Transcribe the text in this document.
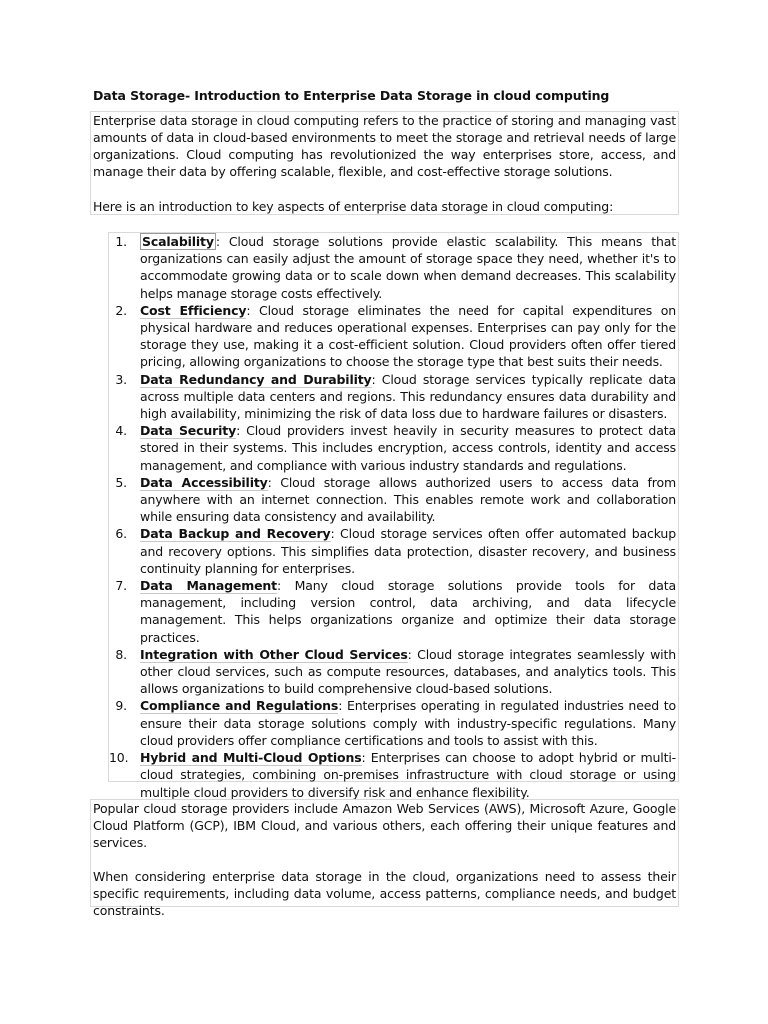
Data Storage- Introduction to Enterprise Data Storage in cloud computing

Enterprise data storage in cloud computing refers to the practice of storing and managing vast amounts of data in cloud-based environments to meet the storage and retrieval needs of large organizations. Cloud computing has revolutionized the way enterprises store, access, and manage their data by offering scalable, flexible, and cost-effective storage solutions.

Here is an introduction to key aspects of enterprise data storage in cloud computing:

1. Scalability : Cloud storage solutions provide elastic scalability. This means that organizations can easily adjust the amount of storage space they need, whether it's to accommodate growing data or to scale down when demand decreases. This scalability helps manage storage costs effectively.
2. Cost Efficiency: Cloud storage eliminates the need for capital expenditures on physical hardware and reduces operational expenses. Enterprises can pay only for the storage they use, making it a cost-efficient solution. Cloud providers often offer tiered pricing, allowing organizations to choose the storage type that best suits their needs.
3. Data Redundancy and Durability: Cloud storage services typically replicate data across multiple data centers and regions. This redundancy ensures data durability and high availability, minimizing the risk of data loss due to hardware failures or disasters.
4. Data Security: Cloud providers invest heavily in security measures to protect data stored in their systems. This includes encryption, access controls, identity and access management, and compliance with various industry standards and regulations.
5. Data Accessibility: Cloud storage allows authorized users to access data from anywhere with an internet connection. This enables remote work and collaboration while ensuring data consistency and availability.
6. Data Backup and Recovery: Cloud storage services often offer automated backup and recovery options. This simplifies data protection, disaster recovery, and business continuity planning for enterprises.
7. Data Management: Many cloud storage solutions provide tools for data management, including version control, data archiving, and data lifecycle management. This helps organizations organize and optimize their data storage practices.
8. Integration with Other Cloud Services: Cloud storage integrates seamlessly with other cloud services, such as compute resources, databases, and analytics tools. This allows organizations to build comprehensive cloud-based solutions.
9. Compliance and Regulations: Enterprises operating in regulated industries need to ensure their data storage solutions comply with industry-specific regulations. Many cloud providers offer compliance certifications and tools to assist with this.
10. Hybrid and Multi-Cloud Options: Enterprises can choose to adopt hybrid or multi-cloud strategies, combining on-premises infrastructure with cloud storage or using multiple cloud providers to diversify risk and enhance flexibility.

Popular cloud storage providers include Amazon Web Services (AWS), Microsoft Azure, Google Cloud Platform (GCP), IBM Cloud, and various others, each offering their unique features and services.

When considering enterprise data storage in the cloud, organizations need to assess their specific requirements, including data volume, access patterns, compliance needs, and budget constraints.
